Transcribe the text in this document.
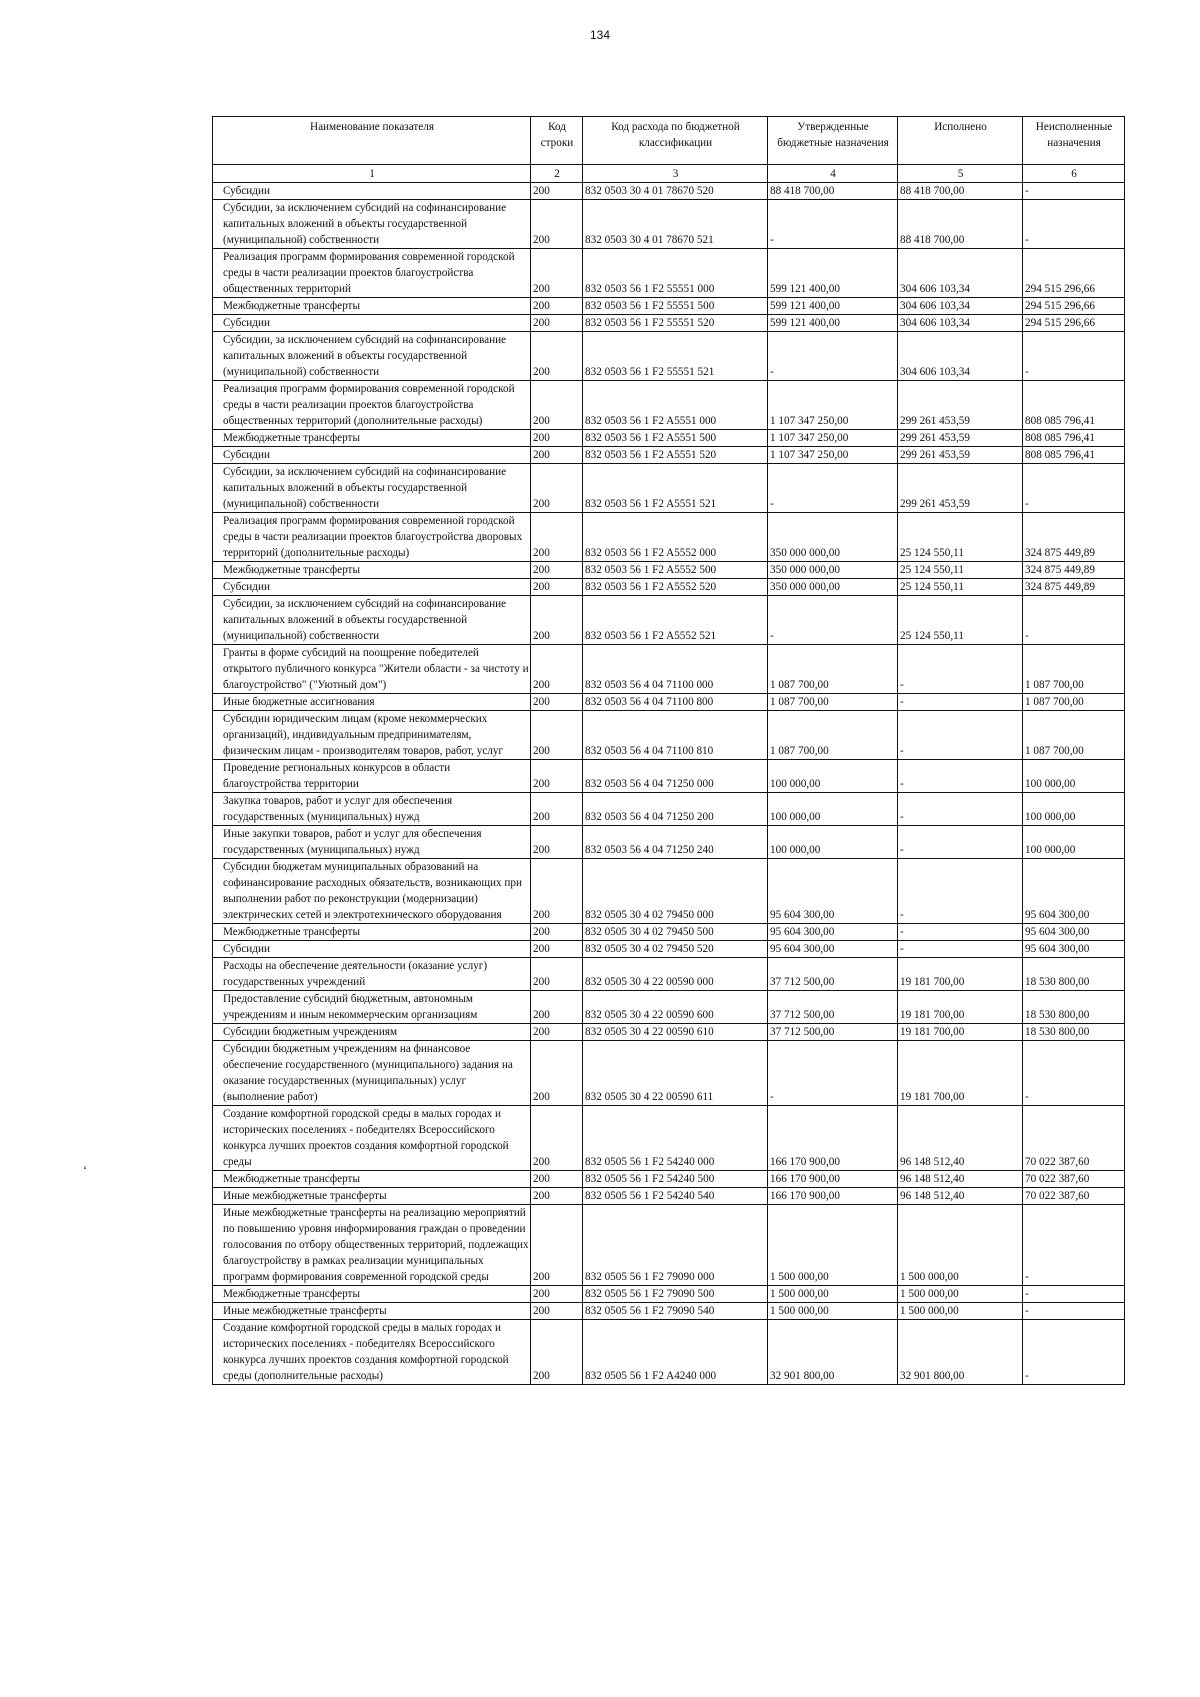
134
‘
Наименование показателя	Код строки	Код расхода по бюджетной классификации	Утвержденные бюджетные назначения	Исполнено	Неисполненные назначения
1	2	3	4	5	6
Субсидии	200	832 0503 30 4 01 78670 520	88 418 700,00	88 418 700,00	-
Субсидии, за исключением субсидий на софинансирование капитальных вложений в объекты государственной (муниципальной) собственности	200	832 0503 30 4 01 78670 521	-	88 418 700,00	-
Реализация программ формирования современной городской среды в части реализации проектов благоустройства общественных территорий	200	832 0503 56 1 F2 55551 000	599 121 400,00	304 606 103,34	294 515 296,66
Межбюджетные трансферты	200	832 0503 56 1 F2 55551 500	599 121 400,00	304 606 103,34	294 515 296,66
Субсидии	200	832 0503 56 1 F2 55551 520	599 121 400,00	304 606 103,34	294 515 296,66
Субсидии, за исключением субсидий на софинансирование капитальных вложений в объекты государственной (муниципальной) собственности	200	832 0503 56 1 F2 55551 521	-	304 606 103,34	-
Реализация программ формирования современной городской среды в части реализации проектов благоустройства общественных территорий (дополнительные расходы)	200	832 0503 56 1 F2 A5551 000	1 107 347 250,00	299 261 453,59	808 085 796,41
Межбюджетные трансферты	200	832 0503 56 1 F2 A5551 500	1 107 347 250,00	299 261 453,59	808 085 796,41
Субсидии	200	832 0503 56 1 F2 A5551 520	1 107 347 250,00	299 261 453,59	808 085 796,41
Субсидии, за исключением субсидий на софинансирование капитальных вложений в объекты государственной (муниципальной) собственности	200	832 0503 56 1 F2 A5551 521	-	299 261 453,59	-
Реализация программ формирования современной городской среды в части реализации проектов благоустройства дворовых территорий (дополнительные расходы)	200	832 0503 56 1 F2 A5552 000	350 000 000,00	25 124 550,11	324 875 449,89
Межбюджетные трансферты	200	832 0503 56 1 F2 A5552 500	350 000 000,00	25 124 550,11	324 875 449,89
Субсидии	200	832 0503 56 1 F2 A5552 520	350 000 000,00	25 124 550,11	324 875 449,89
Субсидии, за исключением субсидий на софинансирование капитальных вложений в объекты государственной (муниципальной) собственности	200	832 0503 56 1 F2 A5552 521	-	25 124 550,11	-
Гранты в форме субсидий на поощрение победителей открытого публичного конкурса "Жители области - за чистоту и благоустройство" ("Уютный дом")	200	832 0503 56 4 04 71100 000	1 087 700,00	-	1 087 700,00
Иные бюджетные ассигнования	200	832 0503 56 4 04 71100 800	1 087 700,00	-	1 087 700,00
Субсидии юридическим лицам (кроме некоммерческих организаций), индивидуальным предпринимателям, физическим лицам - производителям товаров, работ, услуг	200	832 0503 56 4 04 71100 810	1 087 700,00	-	1 087 700,00
Проведение региональных конкурсов в области благоустройства территории	200	832 0503 56 4 04 71250 000	100 000,00	-	100 000,00
Закупка товаров, работ и услуг для обеспечения государственных (муниципальных) нужд	200	832 0503 56 4 04 71250 200	100 000,00	-	100 000,00
Иные закупки товаров, работ и услуг для обеспечения государственных (муниципальных) нужд	200	832 0503 56 4 04 71250 240	100 000,00	-	100 000,00
Субсидии бюджетам муниципальных образований на софинансирование расходных обязательств, возникающих при выполнении работ по реконструкции (модернизации) электрических сетей и электротехнического оборудования	200	832 0505 30 4 02 79450 000	95 604 300,00	-	95 604 300,00
Межбюджетные трансферты	200	832 0505 30 4 02 79450 500	95 604 300,00	-	95 604 300,00
Субсидии	200	832 0505 30 4 02 79450 520	95 604 300,00	-	95 604 300,00
Расходы на обеспечение деятельности (оказание услуг) государственных учреждений	200	832 0505 30 4 22 00590 000	37 712 500,00	19 181 700,00	18 530 800,00
Предоставление субсидий бюджетным, автономным учреждениям и иным некоммерческим организациям	200	832 0505 30 4 22 00590 600	37 712 500,00	19 181 700,00	18 530 800,00
Субсидии бюджетным учреждениям	200	832 0505 30 4 22 00590 610	37 712 500,00	19 181 700,00	18 530 800,00
Субсидии бюджетным учреждениям на финансовое обеспечение государственного (муниципального) задания на оказание государственных (муниципальных) услуг (выполнение работ)	200	832 0505 30 4 22 00590 611	-	19 181 700,00	-
Создание комфортной городской среды в малых городах и исторических поселениях - победителях Всероссийского конкурса лучших проектов создания комфортной городской среды	200	832 0505 56 1 F2 54240 000	166 170 900,00	96 148 512,40	70 022 387,60
Межбюджетные трансферты	200	832 0505 56 1 F2 54240 500	166 170 900,00	96 148 512,40	70 022 387,60
Иные межбюджетные трансферты	200	832 0505 56 1 F2 54240 540	166 170 900,00	96 148 512,40	70 022 387,60
Иные межбюджетные трансферты на реализацию мероприятий по повышению уровня информирования граждан о проведении голосования по отбору общественных территорий, подлежащих благоустройству в рамках реализации муниципальных программ формирования современной городской среды	200	832 0505 56 1 F2 79090 000	1 500 000,00	1 500 000,00	-
Межбюджетные трансферты	200	832 0505 56 1 F2 79090 500	1 500 000,00	1 500 000,00	-
Иные межбюджетные трансферты	200	832 0505 56 1 F2 79090 540	1 500 000,00	1 500 000,00	-
Создание комфортной городской среды в малых городах и исторических поселениях - победителях Всероссийского конкурса лучших проектов создания комфортной городской среды (дополнительные расходы)	200	832 0505 56 1 F2 A4240 000	32 901 800,00	32 901 800,00	-
